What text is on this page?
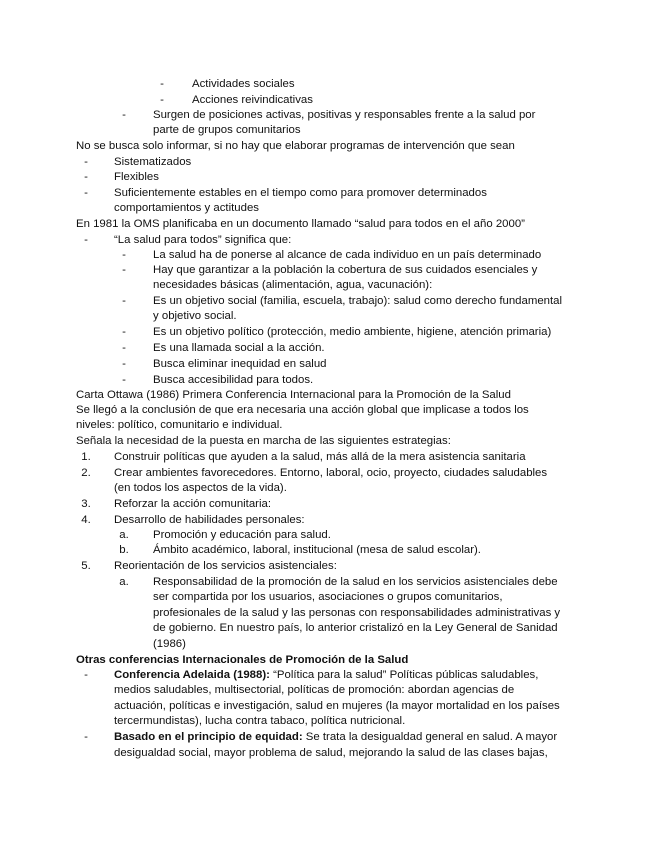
-	Actividades sociales
-	Acciones reivindicativas
-	Surgen de posiciones activas, positivas y responsables frente a la salud por
parte de grupos comunitarios
No se busca solo informar, si no hay que elaborar programas de intervención que sean
-	Sistematizados
-	Flexibles
-	Suficientemente estables en el tiempo como para promover determinados
comportamientos y actitudes
En 1981 la OMS planificaba en un documento llamado “salud para todos en el año 2000”
-	“La salud para todos” significa que:
-	La salud ha de ponerse al alcance de cada individuo en un país determinado
-	Hay que garantizar a la población la cobertura de sus cuidados esenciales y
necesidades básicas (alimentación, agua, vacunación):
-	Es un objetivo social (familia, escuela, trabajo): salud como derecho fundamental
y objetivo social.
-	Es un objetivo político (protección, medio ambiente, higiene, atención primaria)
-	Es una llamada social a la acción.
-	Busca eliminar inequidad en salud
-	Busca accesibilidad para todos.
Carta Ottawa (1986) Primera Conferencia Internacional para la Promoción de la Salud
Se llegó a la conclusión de que era necesaria una acción global que implicase a todos los
niveles: político, comunitario e individual.
Señala la necesidad de la puesta en marcha de las siguientes estrategias:
1.	Construir políticas que ayuden a la salud, más allá de la mera asistencia sanitaria
2.	Crear ambientes favorecedores. Entorno, laboral, ocio, proyecto, ciudades saludables
(en todos los aspectos de la vida).
3.	Reforzar la acción comunitaria:
4.	Desarrollo de habilidades personales:
a.	Promoción y educación para salud.
b.	Ámbito académico, laboral, institucional (mesa de salud escolar).
5.	Reorientación de los servicios asistenciales:
a.	Responsabilidad de la promoción de la salud en los servicios asistenciales debe
ser compartida por los usuarios, asociaciones o grupos comunitarios,
profesionales de la salud y las personas con responsabilidades administrativas y
de gobierno. En nuestro país, lo anterior cristalizó en la Ley General de Sanidad
(1986)
Otras conferencias Internacionales de Promoción de la Salud
-	Conferencia Adelaida (1988): “Política para la salud” Políticas públicas saludables,
medios saludables, multisectorial, políticas de promoción: abordan agencias de
actuación, políticas e investigación, salud en mujeres (la mayor mortalidad en los países
tercermundistas), lucha contra tabaco, política nutricional.
-	Basado en el principio de equidad: Se trata la desigualdad general en salud. A mayor
desigualdad social, mayor problema de salud, mejorando la salud de las clases bajas,
